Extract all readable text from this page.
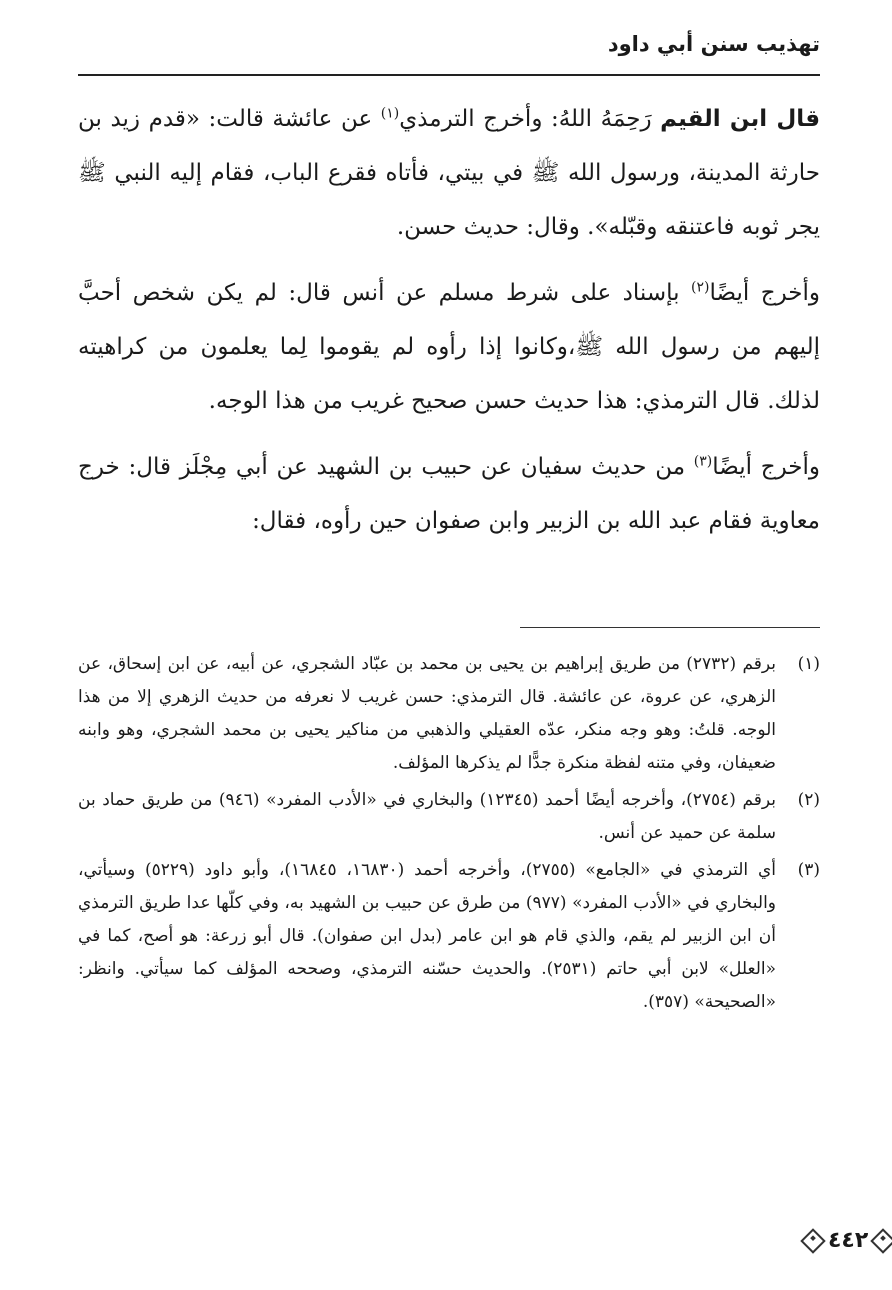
تهذيب سنن أبي داود

قال ابن القيم رَحِمَهُ اللهُ: وأخرج الترمذي$^{(١)}$ عن عائشة قالت: «قدم زيد بن حارثة المدينة، ورسول الله ﷺ في بيتي، فأتاه فقرع الباب، فقام إليه النبي ﷺ يجر ثوبه فاعتنقه وقبّله». وقال: حديث حسن.

وأخرج أيضًا$^{(٢)}$ بإسناد على شرط مسلم عن أنس قال: لم يكن شخص أحبَّ إليهم من رسول الله ﷺ،وكانوا إذا رأوه لم يقوموا لِما يعلمون من كراهيته لذلك. قال الترمذي: هذا حديث حسن صحيح غريب من هذا الوجه.

وأخرج أيضًا$^{(٣)}$ من حديث سفيان عن حبيب بن الشهيد عن أبي مِجْلَز قال: خرج معاوية فقام عبد الله بن الزبير وابن صفوان حين رأوه، فقال:

(١)
برقم (٢٧٣٢) من طريق إبراهيم بن يحيى بن محمد بن عبّاد الشجري، عن أبيه، عن ابن إسحاق، عن الزهري، عن عروة، عن عائشة. قال الترمذي: حسن غريب لا نعرفه من حديث الزهري إلا من هذا الوجه. قلتُ: وهو وجه منكر، عدّه العقيلي والذهبي من مناكير يحيى بن محمد الشجري، وهو وابنه ضعيفان، وفي متنه لفظة منكرة جدًّا لم يذكرها المؤلف.
(٢)
برقم (٢٧٥٤)، وأخرجه أيضًا أحمد (١٢٣٤٥) والبخاري في «الأدب المفرد» (٩٤٦) من طريق حماد بن سلمة عن حميد عن أنس.
(٣)
أي الترمذي في «الجامع» (٢٧٥٥)، وأخرجه أحمد (١٦٨٣٠، ١٦٨٤٥)، وأبو داود (٥٢٢٩) وسيأتي، والبخاري في «الأدب المفرد» (٩٧٧) من طرق عن حبيب بن الشهيد به، وفي كلّها عدا طريق الترمذي أن ابن الزبير لم يقم، والذي قام هو ابن عامر (بدل ابن صفوان). قال أبو زرعة: هو أصح، كما في «العلل» لابن أبي حاتم (٢٥٣١). والحديث حسّنه الترمذي، وصححه المؤلف كما سيأتي. وانظر: «الصحيحة» (٣٥٧).
٤٤٢
